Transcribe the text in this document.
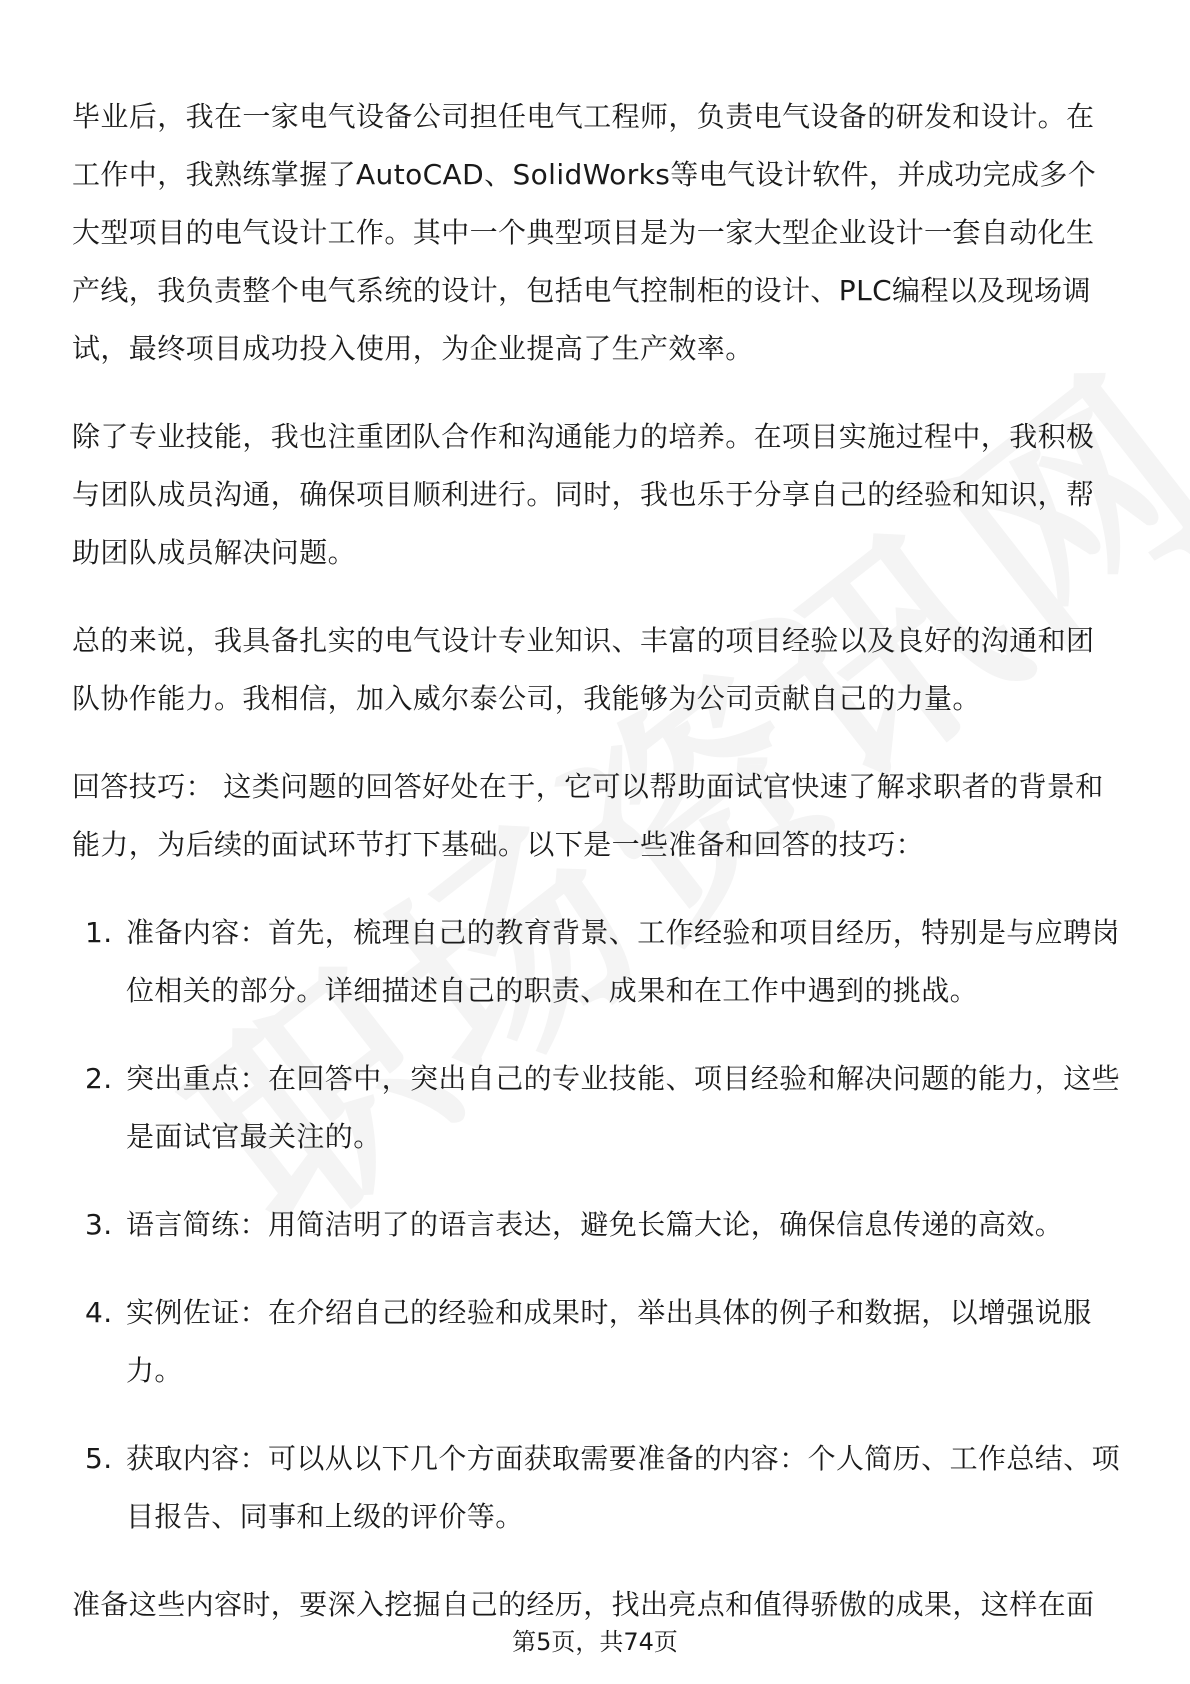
毕业后，我在一家电气设备公司担任电气工程师，负责电气设备的研发和设计。在工作中，我熟练掌握了AutoCAD、SolidWorks等电气设计软件，并成功完成多个大型项目的电气设计工作。其中一个典型项目是为一家大型企业设计一套自动化生产线，我负责整个电气系统的设计，包括电气控制柜的设计、PLC编程以及现场调试，最终项目成功投入使用，为企业提高了生产效率。

除了专业技能，我也注重团队合作和沟通能力的培养。在项目实施过程中，我积极与团队成员沟通，确保项目顺利进行。同时，我也乐于分享自己的经验和知识，帮助团队成员解决问题。

总的来说，我具备扎实的电气设计专业知识、丰富的项目经验以及良好的沟通和团队协作能力。我相信，加入威尔泰公司，我能够为公司贡献自己的力量。

回答技巧： 这类问题的回答好处在于，它可以帮助面试官快速了解求职者的背景和能力，为后续的面试环节打下基础。以下是一些准备和回答的技巧：

1. 准备内容：首先，梳理自己的教育背景、工作经验和项目经历，特别是与应聘岗位相关的部分。详细描述自己的职责、成果和在工作中遇到的挑战。
2. 突出重点：在回答中，突出自己的专业技能、项目经验和解决问题的能力，这些是面试官最关注的。
3. 语言简练：用简洁明了的语言表达，避免长篇大论，确保信息传递的高效。
4. 实例佐证：在介绍自己的经验和成果时，举出具体的例子和数据，以增强说服力。
5. 获取内容：可以从以下几个方面获取需要准备的内容：个人简历、工作总结、项目报告、同事和上级的评价等。

准备这些内容时，要深入挖掘自己的经历，找出亮点和值得骄傲的成果，这样在面

第5页，共74页
